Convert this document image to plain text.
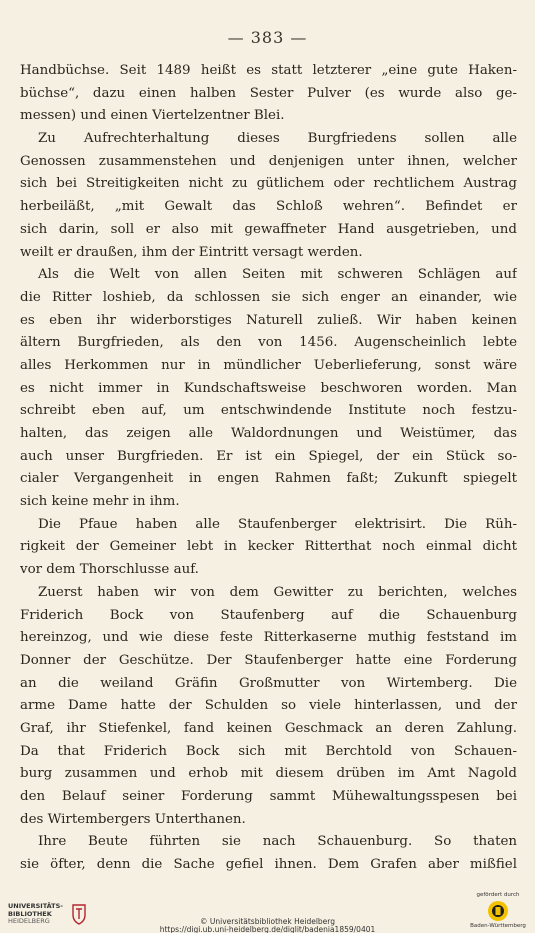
— 383 —
Handbüchse. Seit 1489 heißt es statt letzterer „eine gute Haken-
büchse“, dazu einen halben Sester Pulver (es wurde also ge-
messen) und einen Viertelzentner Blei.
Zu Aufrechterhaltung dieses Burgfriedens sollen alle
Genossen zusammenstehen und denjenigen unter ihnen, welcher
sich bei Streitigkeiten nicht zu gütlichem oder rechtlichem Austrag
herbeiläßt, „mit Gewalt das Schloß wehren“. Befindet er
sich darin, soll er also mit gewaffneter Hand ausgetrieben, und
weilt er draußen, ihm der Eintritt versagt werden.
Als die Welt von allen Seiten mit schweren Schlägen auf
die Ritter loshieb, da schlossen sie sich enger an einander, wie
es eben ihr widerborstiges Naturell zuließ. Wir haben keinen
ältern Burgfrieden, als den von 1456. Augenscheinlich lebte
alles Herkommen nur in mündlicher Ueberlieferung, sonst wäre
es nicht immer in Kundschaftsweise beschworen worden. Man
schreibt eben auf, um entschwindende Institute noch festzu-
halten, das zeigen alle Waldordnungen und Weistümer, das
auch unser Burgfrieden. Er ist ein Spiegel, der ein Stück so-
cialer Vergangenheit in engen Rahmen faßt; Zukunft spiegelt
sich keine mehr in ihm.
Die Pfaue haben alle Staufenberger elektrisirt. Die Rüh-
rigkeit der Gemeiner lebt in kecker Ritterthat noch einmal dicht
vor dem Thorschlusse auf.
Zuerst haben wir von dem Gewitter zu berichten, welches
Friderich Bock von Staufenberg auf die Schauenburg
hereinzog, und wie diese feste Ritterkaserne muthig feststand im
Donner der Geschütze. Der Staufenberger hatte eine Forderung
an die weiland Gräfin Großmutter von Wirtemberg. Die
arme Dame hatte der Schulden so viele hinterlassen, und der
Graf, ihr Stiefenkel, fand keinen Geschmack an deren Zahlung.
Da that Friderich Bock sich mit Berchtold von Schauen-
burg zusammen und erhob mit diesem drüben im Amt Nagold
den Belauf seiner Forderung sammt Mühewaltungsspesen bei
des Wirtembergers Unterthanen.
Ihre Beute führten sie nach Schauenburg. So thaten
sie öfter, denn die Sache gefiel ihnen. Dem Grafen aber mißfiel
UNIVERSITÄTS-
BIBLIOTHEK
HEIDELBERG	© Universitätsbibliothek Heidelberg
https://digi.ub.uni-heidelberg.de/diglit/badenia1859/0401
gefördert durch
Baden-Württemberg
